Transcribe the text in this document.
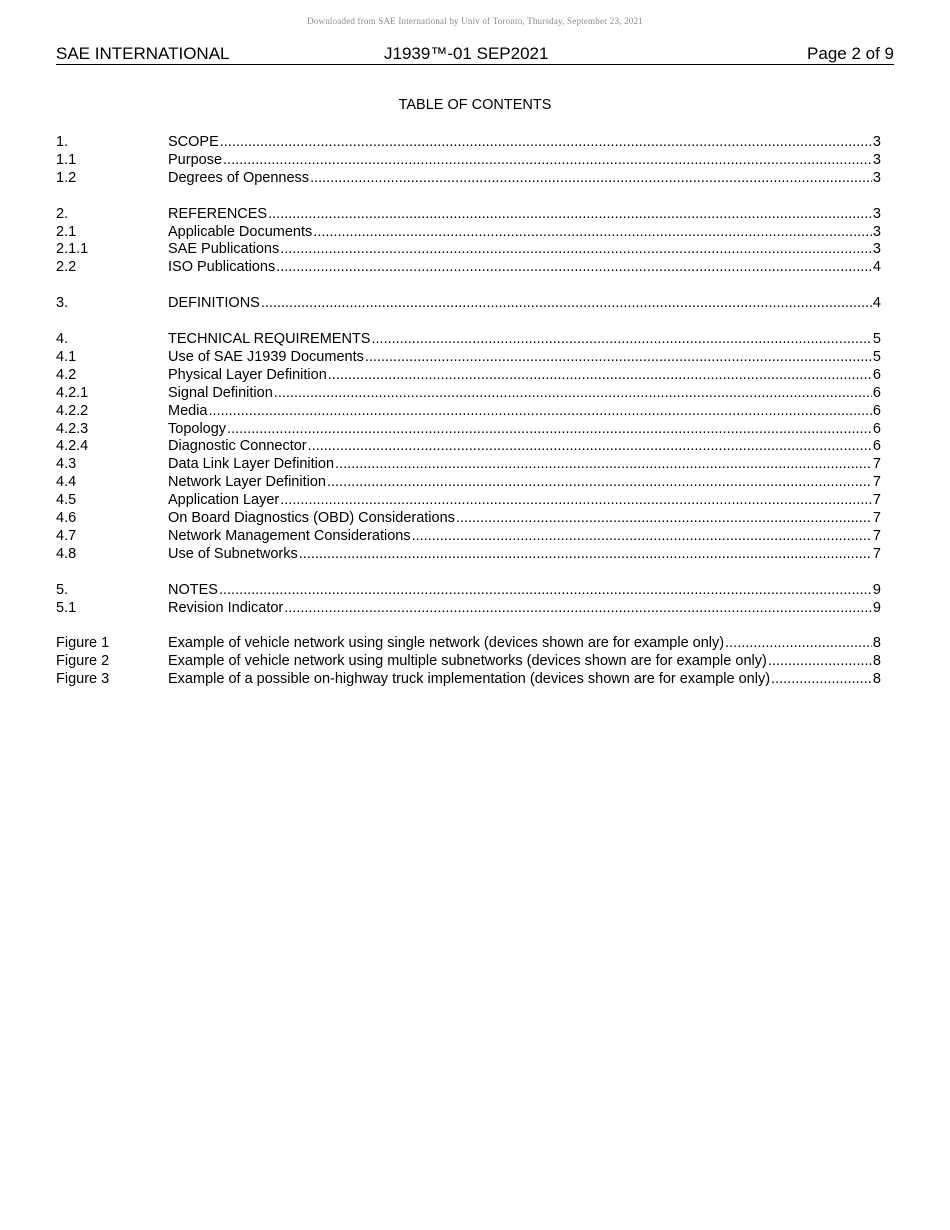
Downloaded from SAE International by Univ of Toronto, Thursday, September 23, 2021
SAE INTERNATIONAL	J1939™-01 SEP2021	Page 2 of 9
TABLE OF CONTENTS
1.	SCOPE .....	3
1.1	Purpose .....	3
1.2	Degrees of Openness .....	3
2.	REFERENCES .....	3
2.1	Applicable Documents .....	3
2.1.1	SAE Publications .....	3
2.2	ISO Publications .....	4
3.	DEFINITIONS .....	4
4.	TECHNICAL REQUIREMENTS .....	5
4.1	Use of SAE J1939 Documents .....	5
4.2	Physical Layer Definition .....	6
4.2.1	Signal Definition .....	6
4.2.2	Media .....	6
4.2.3	Topology .....	6
4.2.4	Diagnostic Connector .....	6
4.3	Data Link Layer Definition .....	7
4.4	Network Layer Definition .....	7
4.5	Application Layer .....	7
4.6	On Board Diagnostics (OBD) Considerations .....	7
4.7	Network Management Considerations .....	7
4.8	Use of Subnetworks .....	7
5.	NOTES .....	9
5.1	Revision Indicator .....	9
Figure 1	Example of vehicle network using single network (devices shown are for example only) .....	8
Figure 2	Example of vehicle network using multiple subnetworks (devices shown are for example only) .....	8
Figure 3	Example of a possible on-highway truck implementation (devices shown are for example only) .....	8
